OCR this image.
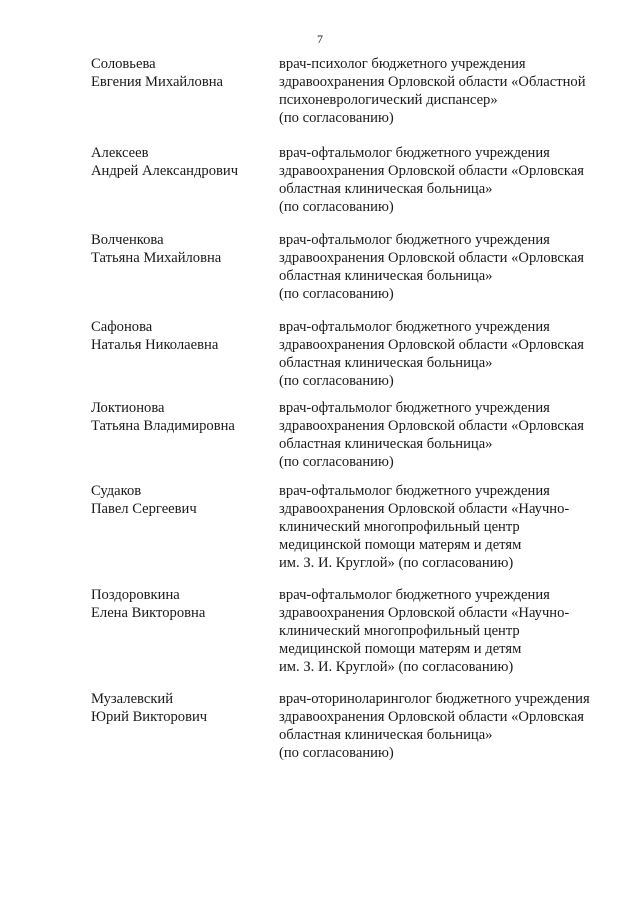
7
Соловьева
Евгения Михайловна
врач-психолог бюджетного учреждения
здравоохранения Орловской области «Областной
психоневрологический диспансер»
(по согласованию)
Алексеев
Андрей Александрович
врач-офтальмолог бюджетного учреждения
здравоохранения Орловской области «Орловская
областная клиническая больница»
(по согласованию)
Волченкова
Татьяна Михайловна
врач-офтальмолог бюджетного учреждения
здравоохранения Орловской области «Орловская
областная клиническая больница»
(по согласованию)
Сафонова
Наталья Николаевна
врач-офтальмолог бюджетного учреждения
здравоохранения Орловской области «Орловская
областная клиническая больница»
(по согласованию)
Локтионова
Татьяна Владимировна
врач-офтальмолог бюджетного учреждения
здравоохранения Орловской области «Орловская
областная клиническая больница»
(по согласованию)
Судаков
Павел Сергеевич
врач-офтальмолог бюджетного учреждения
здравоохранения Орловской области «Научно-
клинический многопрофильный центр
медицинской помощи матерям и детям
им. З. И. Круглой» (по согласованию)
Поздоровкина
Елена Викторовна
врач-офтальмолог бюджетного учреждения
здравоохранения Орловской области «Научно-
клинический многопрофильный центр
медицинской помощи матерям и детям
им. З. И. Круглой» (по согласованию)
Музалевский
Юрий Викторович
врач-оториноларинголог бюджетного учреждения
здравоохранения Орловской области «Орловская
областная клиническая больница»
(по согласованию)
